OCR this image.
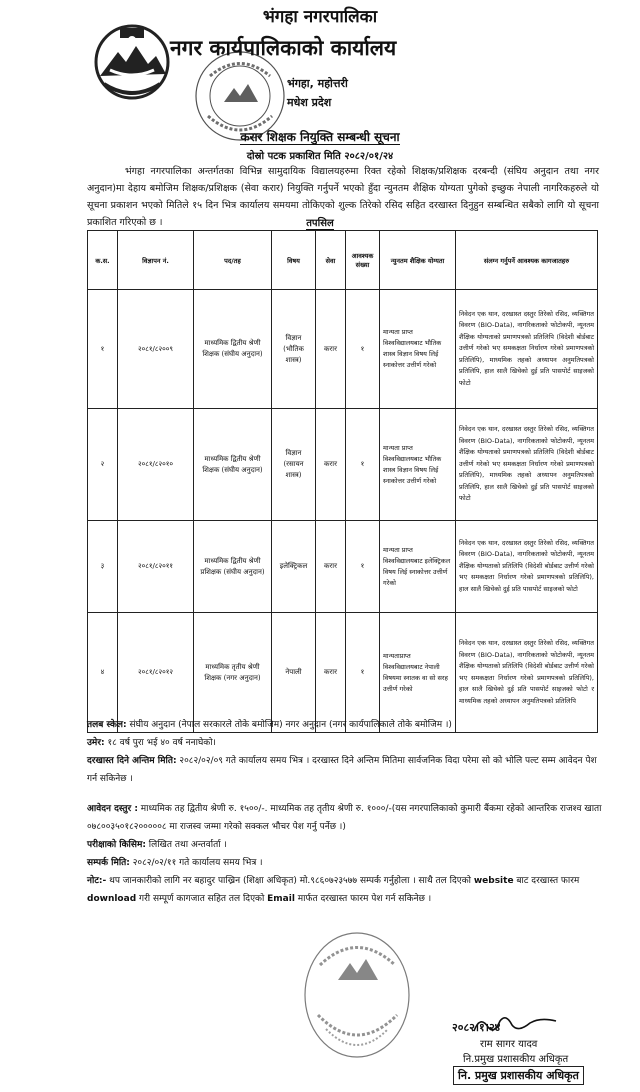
भंगहा नगरपालिका
नगर कार्यपालिकाको कार्यालय
भंगहा, महोत्तरी
मधेश प्रदेश
करार शिक्षक नियुक्ति सम्बन्धी सूचना
दोस्रो पटक प्रकाशित मिति २०८२/०१/२४
भंगहा नगरपालिका अन्तर्गतका विभिन्न सामुदायिक विद्यालयहरुमा रिक्त रहेको शिक्षक/प्रशिक्षक दरबन्दी (संघिय अनुदान तथा नगर अनुदान)मा देहाय बमोजिम शिक्षक/प्रशिक्षक (सेवा करार) नियुक्ति गर्नुपर्ने भएको हुँदा न्युनतम शैक्षिक योग्यता पुगेको इच्छुक नेपाली नागरिकहरुले यो सूचना प्रकाशन भएको मितिले १५ दिन भित्र कार्यालय समयमा तोकिएको शुल्क तिरेको रसिद सहित दरखास्त दिनुहुन सम्बन्धित सबैको लागि यो सूचना प्रकाशित गरिएको छ ।	तपसिल
क.स.	विज्ञापन नं.	पद/तह	विषय	सेवा	आवश्यक संख्या	न्युनतम शैक्षिक योग्यता	संलग्न गर्नुपर्ने आवश्यक कागजातहरु
१	२०८१/८२००९	माध्यमिक द्वितीय श्रेणी शिक्षक (संघीय अनुदान)	विज्ञान (भौतिक शास्त्र)	करार	१	मान्यता प्राप्त विश्वविद्यालयबाट भौतिक शास्त्र विज्ञान विषय लिई स्नाकोत्तर उत्तीर्ण गरेको	निवेदन एक थान, दरखास्त दस्तुर तिरेको रसिद, व्यक्तिगत विवरण (BIO-Data), नागरिकताको फोटोकपी, न्यूनतम शैक्षिक योग्यताको प्रमाणपत्रको प्रतिलिपि (विदेशी बोर्डबाट उत्तीर्ण गरेको भए समकक्षता निर्धारण गरेको प्रमाणपत्रको प्रतिलिपि), माध्यमिक तहको अध्यापन अनुमतिपत्रको प्रतिलिपि, हाल सालै खिचेको दुई प्रति पासपोर्ट साइजको फोटो
२	२०८१/८२०१०	माध्यमिक द्वितीय श्रेणी शिक्षक (संघीय अनुदान)	विज्ञान (रसायन शास्त्र)	करार	१	मान्यता प्राप्त विश्वविद्यालयबाट भौतिक शास्त्र विज्ञान विषय लिई स्नाकोत्तर उत्तीर्ण गरेको	निवेदन एक थान, दरखास्त दस्तुर तिरेको रसिद, व्यक्तिगत विवरण (BIO-Data), नागरिकताको फोटोकपी, न्यूनतम शैक्षिक योग्यताको प्रमाणपत्रको प्रतिलिपि (विदेशी बोर्डबाट उत्तीर्ण गरेको भए समकक्षता निर्धारण गरेको प्रमाणपत्रको प्रतिलिपि), माध्यमिक तहको अध्यापन अनुमतिपत्रको प्रतिलिपि, हाल सालै खिचेको दुई प्रति पासपोर्ट साइजको फोटो
३	२०८१/८२०११	माध्यमिक द्वितीय श्रेणी प्रशिक्षक (संघीय अनुदान)	इलेक्ट्रिकल	करार	१	मान्यता प्राप्त विश्वविद्यालयबाट इलेक्ट्रिकल विषय लिई स्नाकोत्तर उत्तीर्ण गरेको	निवेदन एक थान, दरखास्त दस्तुर तिरेको रसिद, व्यक्तिगत विवरण (BIO-Data), नागरिकताको फोटोकपी, न्यूनतम शैक्षिक योग्यताको प्रतिलिपि (विदेशी बोर्डबाट उत्तीर्ण गरेको भए समकक्षता निर्धारण गरेको प्रमाणपत्रको प्रतिलिपि), हाल सालै खिचेको दुई प्रति पासपोर्ट साइजको फोटो
४	२०८१/८२०१२	माध्यमिक तृतीय श्रेणी शिक्षक (नगर अनुदान)	नेपाली	करार	१	मान्यताप्राप्त विश्वविद्यालयबाट नेपाली विषयमा स्नातक वा सो सरह उत्तीर्ण गरेको	निवेदन एक थान, दरखास्त दस्तुर तिरेको रसिद, व्यक्तिगत विवरण (BIO-Data), नागरिकताको फोटोकपी, न्यूनतम शैक्षिक योग्यताको प्रतिलिपि (विदेशी बोर्डबाट उत्तीर्ण गरेको भए समकक्षता निर्धारण गरेको प्रमाणपत्रको प्रतिलिपि), हाल सालै खिचेको दुई प्रति पासपोर्ट साइजको फोटो र माध्यमिक तहको अध्यापन अनुमतिपत्रको प्रतिलिपि

तलब स्केल: संघीय अनुदान (नेपाल सरकारले तोके बमोजिम) नगर अनुदान (नगर कार्यपालिकाले तोके बमोजिम ।)

उमेर: १८ वर्ष पुरा भई ४० वर्ष ननाघेको।

दरखास्त दिने अन्तिम मिति: २०८२/०२/०९ गते कार्यालय समय भित्र । दरखास्त दिने अन्तिम मितिमा सार्वजनिक विदा परेमा सो को भोलि पल्ट सम्म आवेदन पेश गर्न सकिनेछ ।

आवेदन दस्तुर : माध्यमिक तह द्वितीय श्रेणी रु. १५००/-. माध्यमिक तह तृतीय श्रेणी रु. १०००/-(यस नगरपालिकाको कुमारी बैंकमा रहेको आन्तरिक राजश्व खाता ०७८००३५०१८२०००००८ मा राजस्व जम्मा गरेको सक्कल भौचर पेश गर्नु पर्नेछ ।)

परीक्षाको किसिम: लिखित तथा अन्तर्वार्ता ।

सम्पर्क मिति: २०८२/०२/११ गते कार्यालय समय भित्र ।

नोट:- थप जानकारीको लागि नर बहादुर पाख्रिन (शिक्षा अधिकृत) मो.९८६०७२३५७७ सम्पर्क गर्नुहोला । साथै तल दिएको website बाट दरखास्त फारम download गरी सम्पूर्ण कागजात सहित तल दिएको Email मार्फत दरखास्त फारम पेश गर्न सकिनेछ ।

२०८२।१।२४
राम सागर यादव
नि.प्रमुख प्रशासकीय अधिकृत
नि. प्रमुख प्रशासकीय अधिकृत
